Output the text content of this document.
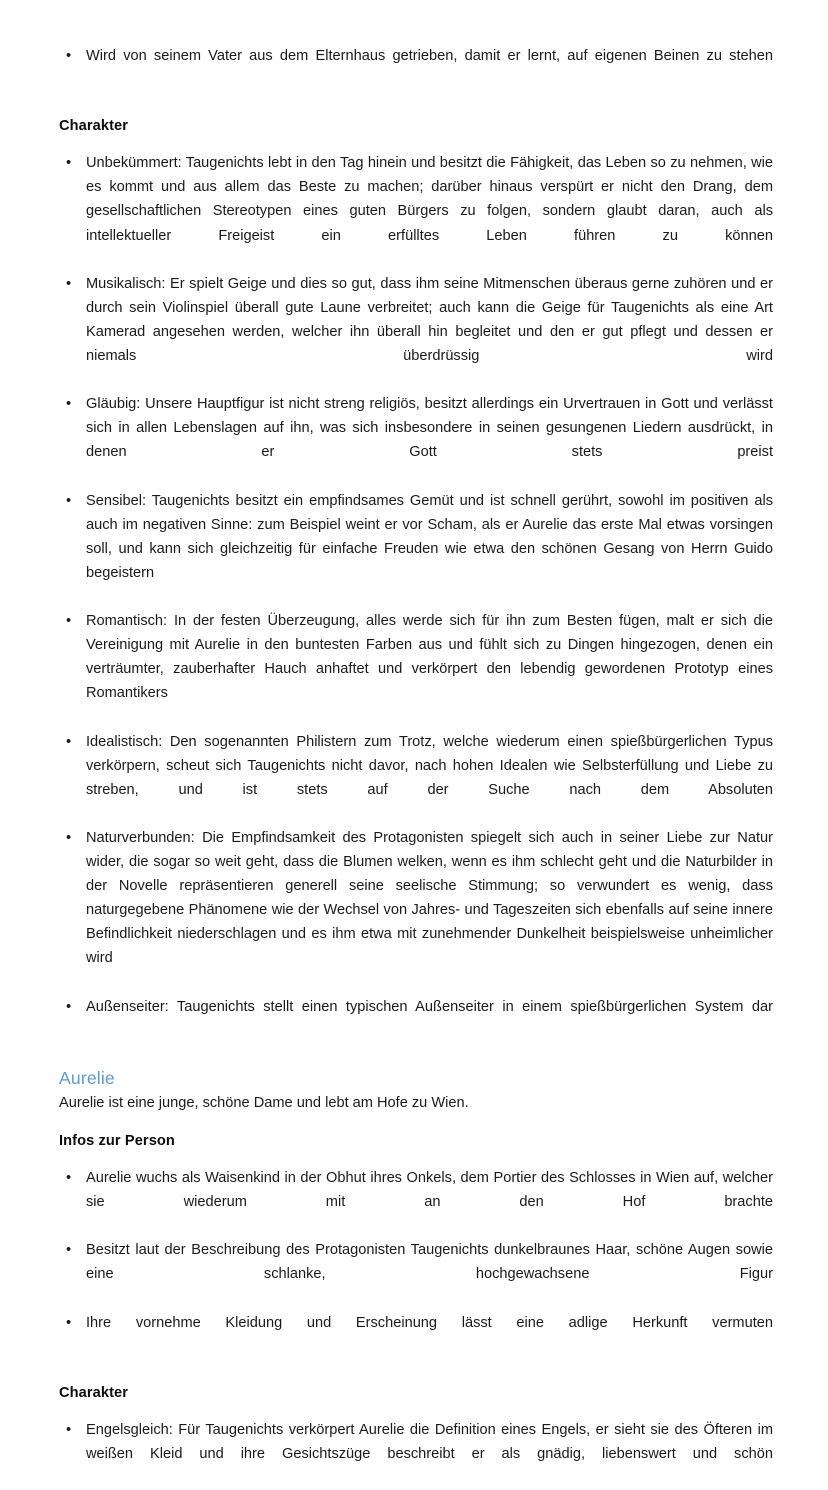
•	Wird von seinem Vater aus dem Elternhaus getrieben, damit er lernt, auf eigenen Beinen zu stehen
Charakter
•	Unbekümmert: Taugenichts lebt in den Tag hinein und besitzt die Fähigkeit, das Leben so zu nehmen, wie es kommt und aus allem das Beste zu machen; darüber hinaus verspürt er nicht den Drang, dem gesellschaftlichen Stereotypen eines guten Bürgers zu folgen, sondern glaubt daran, auch als intellektueller Freigeist ein erfülltes Leben führen zu können
•	Musikalisch: Er spielt Geige und dies so gut, dass ihm seine Mitmenschen überaus gerne zuhören und er durch sein Violinspiel überall gute Laune verbreitet; auch kann die Geige für Taugenichts als eine Art Kamerad angesehen werden, welcher ihn überall hin begleitet und den er gut pflegt und dessen er niemals überdrüssig wird
•	Gläubig: Unsere Hauptfigur ist nicht streng religiös, besitzt allerdings ein Urvertrauen in Gott und verlässt sich in allen Lebenslagen auf ihn, was sich insbesondere in seinen gesungenen Liedern ausdrückt, in denen er Gott stets preist
•	Sensibel: Taugenichts besitzt ein empfindsames Gemüt und ist schnell gerührt, sowohl im positiven als auch im negativen Sinne: zum Beispiel weint er vor Scham, als er Aurelie das erste Mal etwas vorsingen soll, und kann sich gleichzeitig für einfache Freuden wie etwa den schönen Gesang von Herrn Guido begeistern
•	Romantisch: In der festen Überzeugung, alles werde sich für ihn zum Besten fügen, malt er sich die Vereinigung mit Aurelie in den buntesten Farben aus und fühlt sich zu Dingen hingezogen, denen ein verträumter, zauberhafter Hauch anhaftet und verkörpert den lebendig gewordenen Prototyp eines Romantikers
•	Idealistisch: Den sogenannten Philistern zum Trotz, welche wiederum einen spießbürgerlichen Typus verkörpern, scheut sich Taugenichts nicht davor, nach hohen Idealen wie Selbsterfüllung und Liebe zu streben, und ist stets auf der Suche nach dem Absoluten
•	Naturverbunden: Die Empfindsamkeit des Protagonisten spiegelt sich auch in seiner Liebe zur Natur wider, die sogar so weit geht, dass die Blumen welken, wenn es ihm schlecht geht und die Naturbilder in der Novelle repräsentieren generell seine seelische Stimmung; so verwundert es wenig, dass naturgegebene Phänomene wie der Wechsel von Jahres- und Tageszeiten sich ebenfalls auf seine innere Befindlichkeit niederschlagen und es ihm etwa mit zunehmender Dunkelheit beispielsweise unheimlicher wird
•	Außenseiter: Taugenichts stellt einen typischen Außenseiter in einem spießbürgerlichen System dar
Aurelie

Aurelie ist eine junge, schöne Dame und lebt am Hofe zu Wien.

Infos zur Person
•	Aurelie wuchs als Waisenkind in der Obhut ihres Onkels, dem Portier des Schlosses in Wien auf, welcher sie wiederum mit an den Hof brachte
•	Besitzt laut der Beschreibung des Protagonisten Taugenichts dunkelbraunes Haar, schöne Augen sowie eine schlanke, hochgewachsene Figur
•	Ihre vornehme Kleidung und Erscheinung lässt eine adlige Herkunft vermuten
Charakter
•	Engelsgleich: Für Taugenichts verkörpert Aurelie die Definition eines Engels, er sieht sie des Öfteren im weißen Kleid und ihre Gesichtszüge beschreibt er als gnädig, liebenswert und schön
